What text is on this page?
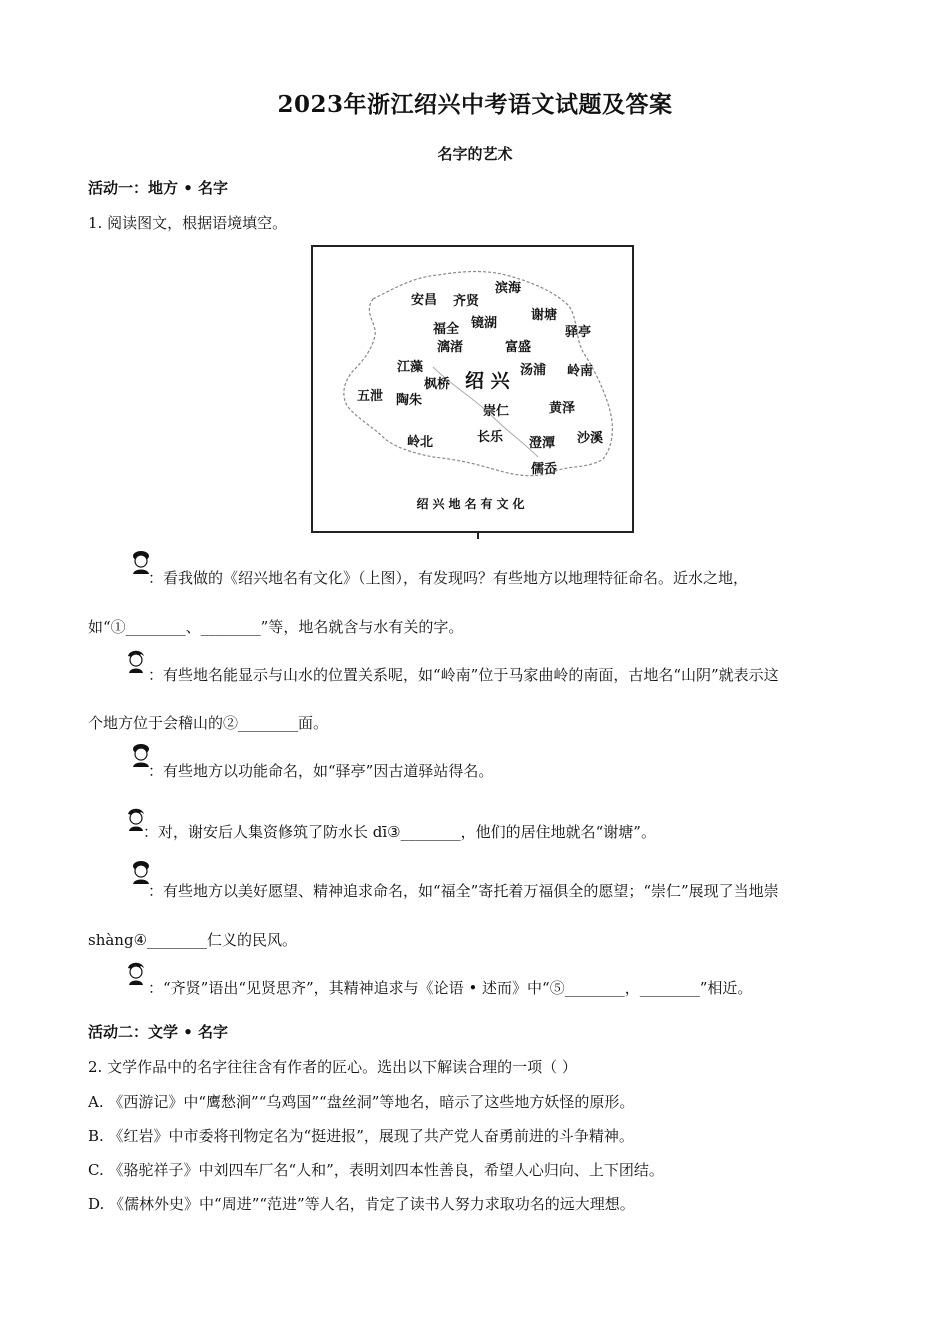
2023年浙江绍兴中考语文试题及答案
名字的艺术
活动一：地方 • 名字
1. 阅读图文，根据语境填空。
安昌 齐贤
滨海
谢塘
驿亭
福全 镜湖
漓渚	富盛
江藻	汤浦 岭南
枫桥
五泄 陶朱
绍 兴
崇仁	黄泽
岭北	长乐 澄潭 沙溪
儒岙
绍兴地名有文化
：看我做的《绍兴地名有文化》（上图），有发现吗？有些地方以地理特征命名。近水之地，
如“①________、________”等，地名就含与水有关的字。
：有些地名能显示与山水的位置关系呢，如“岭南”位于马家曲岭的南面，古地名“山阴”就表示这
个地方位于会稽山的②________面。
：有些地方以功能命名，如“驿亭”因古道驿站得名。
：对，谢安后人集资修筑了防水长 dī③________，他们的居住地就名“谢塘”。
：有些地方以美好愿望、精神追求命名，如“福全”寄托着万福俱全的愿望；“崇仁”展现了当地崇
shàng④________仁义的民风。
：“齐贤”语出“见贤思齐”，其精神追求与《论语 • 述而》中“⑤________，________”相近。
活动二：文学 • 名字
2. 文学作品中的名字往往含有作者的匠心。选出以下解读合理的一项（ ）
A. 《西游记》中“鹰愁涧”“乌鸡国”“盘丝洞”等地名，暗示了这些地方妖怪的原形。
B. 《红岩》中市委将刊物定名为“挺进报”，展现了共产党人奋勇前进的斗争精神。
C. 《骆驼祥子》中刘四车厂名“人和”，表明刘四本性善良，希望人心归向、上下团结。
D. 《儒林外史》中“周进”“范进”等人名，肯定了读书人努力求取功名的远大理想。
